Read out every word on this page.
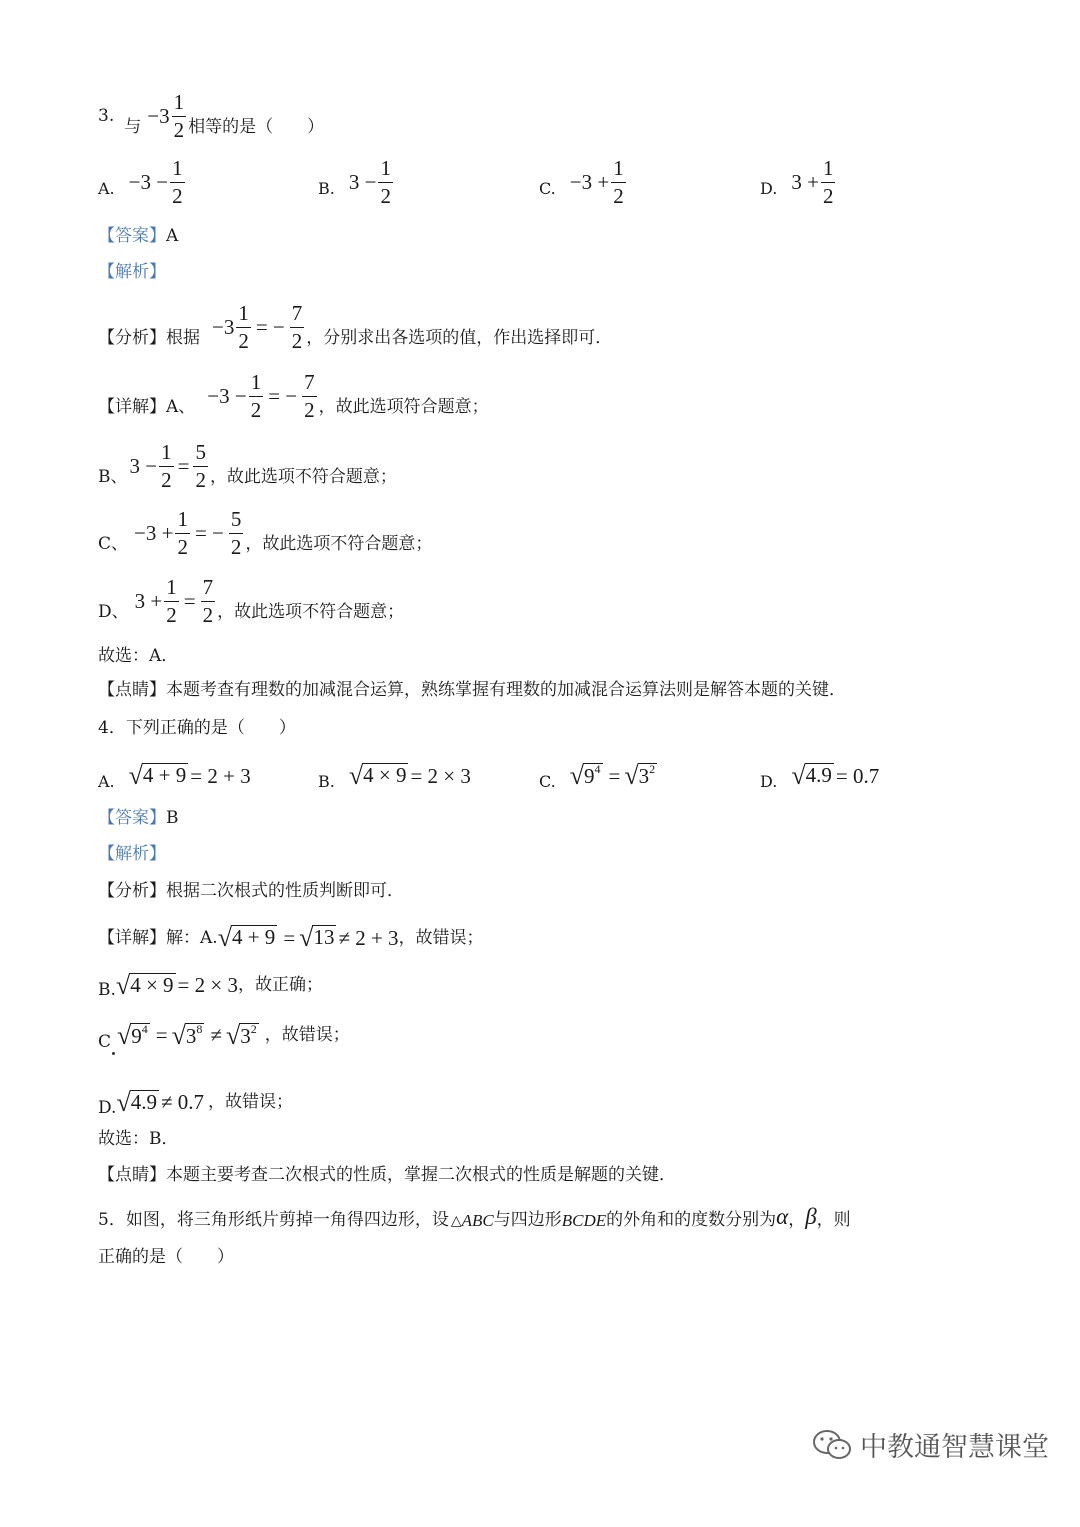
3.
与 $-3 \frac{1}{2}$ 相等的是（　　）
A. $-3 - \frac{1}{2}$	B. $3 - \frac{1}{2}$	C. $-3 + \frac{1}{2}$	D. $3 + \frac{1}{2}$
【答案】 A
【解析】
【分析】 根据 $-3 \frac{1}{2}$ = − $\frac{7}{2}$ ，分别求出各选项的值，作出选择即可．
【详解】 A、 $-3 - \frac{1}{2}$ = − $\frac{7}{2}$ ，故此选项符合题意；
B、 $3 - \frac{1}{2} = \frac{5}{2}$ ，故此选项不符合题意；
C、 $-3 + \frac{1}{2}$ = − $\frac{5}{2}$ ，故此选项不符合题意；
D、 $3 + \frac{1}{2} = \frac{7}{2}$ ，故此选项不符合题意；
故选：A．
【点睛】 本题考查有理数的加减混合运算，熟练掌握有理数的加减混合运算法则是解答本题的关键．
4．下列正确的是（　　）
A. √ 4 + 9 = 2 + 3	B. √ 4 × 9 = 2 × 3	C. √ $9^4$ = √ $3^2$
D. √ 4.9 = 0.7
【答案】 B
【解析】
【分析】 根据二次根式的性质判断即可．
【详解】 解：A. √ 4 + 9 = √ 13 ≠ 2 + 3 ，故错误；
B. √ 4 × 9 = 2 × 3 ，故正确；
C √ $9^4$ = √ $3^8$ ≠ √ $3^2$ ，故错误；
D. √ 4.9 ≠ 0.7 ，故错误；
故选：B．
【点睛】 本题主要考查二次根式的性质，掌握二次根式的性质是解题的关键．
5．如图，将三角形纸片剪掉一角得四边形，设 △ ABC 与四边形 BCDE 的外角和的度数分别为 α ， β ，则
正确的是（　　）
中教通智慧课堂
